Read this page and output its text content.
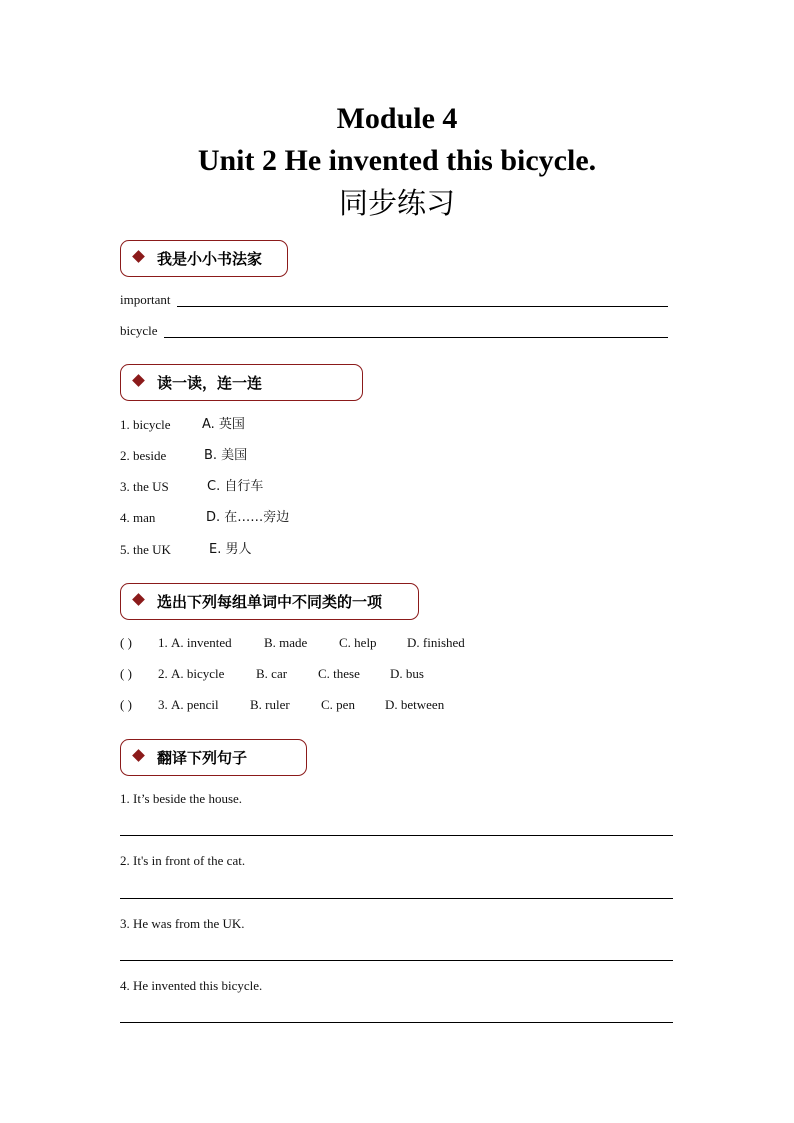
Module 4
Unit 2 He invented this bicycle.
同步练习
我是小小书法家
important
bicycle
读一读，连一连
1. bicycle A. 英国
2. beside	B. 美国
3. the US	C. 自行车
4. man	D. 在……旁边
5. the UK	E. 男人
选出下列每组单词中不同类的一项
( ) 1. A. invented B. made C. help D. finished
( ) 2. A. bicycle B. car C. these D. bus
( ) 3. A. pencil B. ruler C. pen D. between
翻译下列句子
1. It’s beside the house.
2. It's in front of the cat.
3. He was from the UK.
4. He invented this bicycle.
